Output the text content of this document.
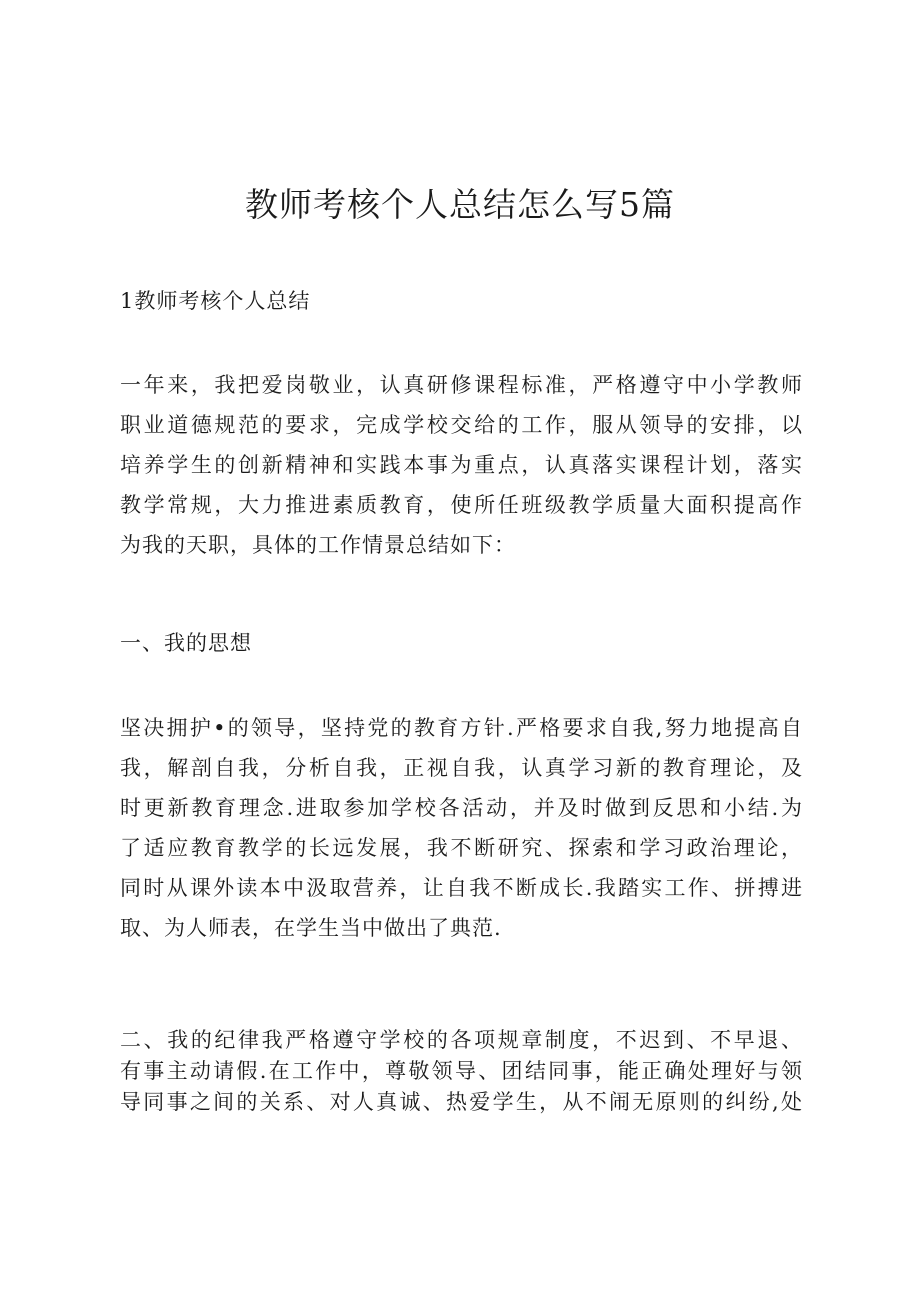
教师考核个人总结怎么写5篇

1教师考核个人总结

一年来，我把爱岗敬业，认真研修课程标准，严格遵守中小学教师
职业道德规范的要求，完成学校交给的工作，服从领导的安排，以
培养学生的创新精神和实践本事为重点，认真落实课程计划，落实
教学常规，大力推进素质教育，使所任班级教学质量大面积提高作
为我的天职，具体的工作情景总结如下：

一、我的思想

坚决拥护•的领导，坚持党的教育方针.严格要求自我,努力地提高自
我，解剖自我，分析自我，正视自我，认真学习新的教育理论，及
时更新教育理念.进取参加学校各活动，并及时做到反思和小结.为
了适应教育教学的长远发展，我不断研究、探索和学习政治理论，
同时从课外读本中汲取营养，让自我不断成长.我踏实工作、拼搏进
取、为人师表，在学生当中做出了典范.
二、我的纪律我严格遵守学校的各项规章制度，不迟到、不早退、
有事主动请假.在工作中，尊敬领导、团结同事，能正确处理好与领
导同事之间的关系、对人真诚、热爱学生，从不闹无原则的纠纷,处
